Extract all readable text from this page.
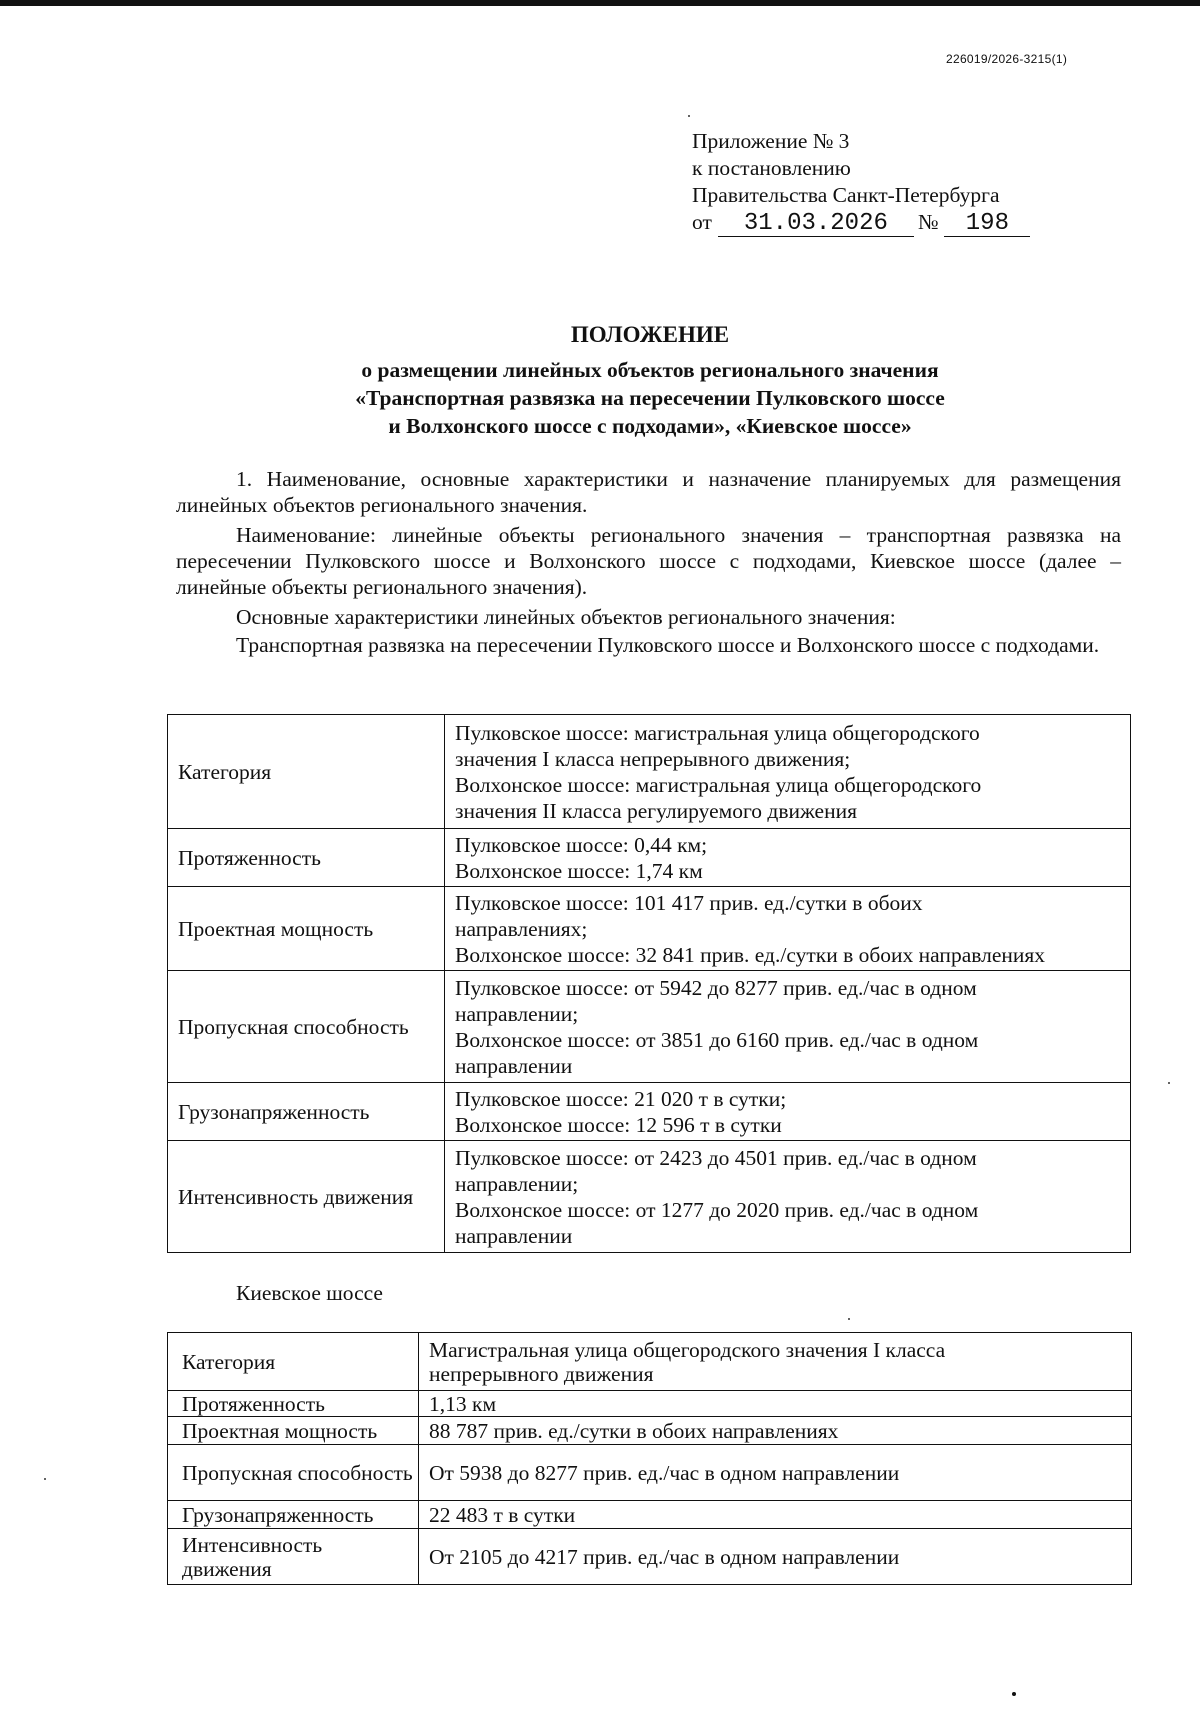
226019/2026-3215(1)
Приложение № 3
к постановлению
Правительства Санкт-Петербурга
от	31.03.2026	№	198
ПОЛОЖЕНИЕ
о размещении линейных объектов регионального значения
«Транспортная развязка на пересечении Пулковского шоссе
и Волхонского шоссе с подходами», «Киевское шоссе»
1. Наименование, основные характеристики и назначение планируемых для размещения линейных объектов регионального значения.
Наименование: линейные объекты регионального значения – транспортная развязка на пересечении Пулковского шоссе и Волхонского шоссе с подходами, Киевское шоссе (далее – линейные объекты регионального значения).
Основные характеристики линейных объектов регионального значения:
Транспортная развязка на пересечении Пулковского шоссе и Волхонского шоссе с подходами.
Категория	Пулковское шоссе: магистральная улица общегородского
значения I класса непрерывного движения;
Волхонское шоссе: магистральная улица общегородского
значения II класса регулируемого движения

Протяженность	Пулковское шоссе: 0,44 км;
Волхонское шоссе: 1,74 км

Проектная мощность	Пулковское шоссе: 101 417 прив. ед./сутки в обоих
направлениях;
Волхонское шоссе: 32 841 прив. ед./сутки в обоих направлениях

Пропускная способность	Пулковское шоссе: от 5942 до 8277 прив. ед./час в одном
направлении;
Волхонское шоссе: от 3851 до 6160 прив. ед./час в одном
направлении

Грузонапряженность	Пулковское шоссе: 21 020 т в сутки;
Волхонское шоссе: 12 596 т в сутки

Интенсивность движения	Пулковское шоссе: от 2423 до 4501 прив. ед./час в одном
направлении;
Волхонское шоссе: от 1277 до 2020 прив. ед./час в одном
направлении
Киевское шоссе
Категория	Магистральная улица общегородского значения I класса
непрерывного движения

Протяженность	1,13 км
Проектная мощность	88 787 прив. ед./сутки в обоих направлениях
Пропускная способность	От 5938 до 8277 прив. ед./час в одном направлении
Грузонапряженность	22 483 т в сутки
Интенсивность движения	От 2105 до 4217 прив. ед./час в одном направлении
